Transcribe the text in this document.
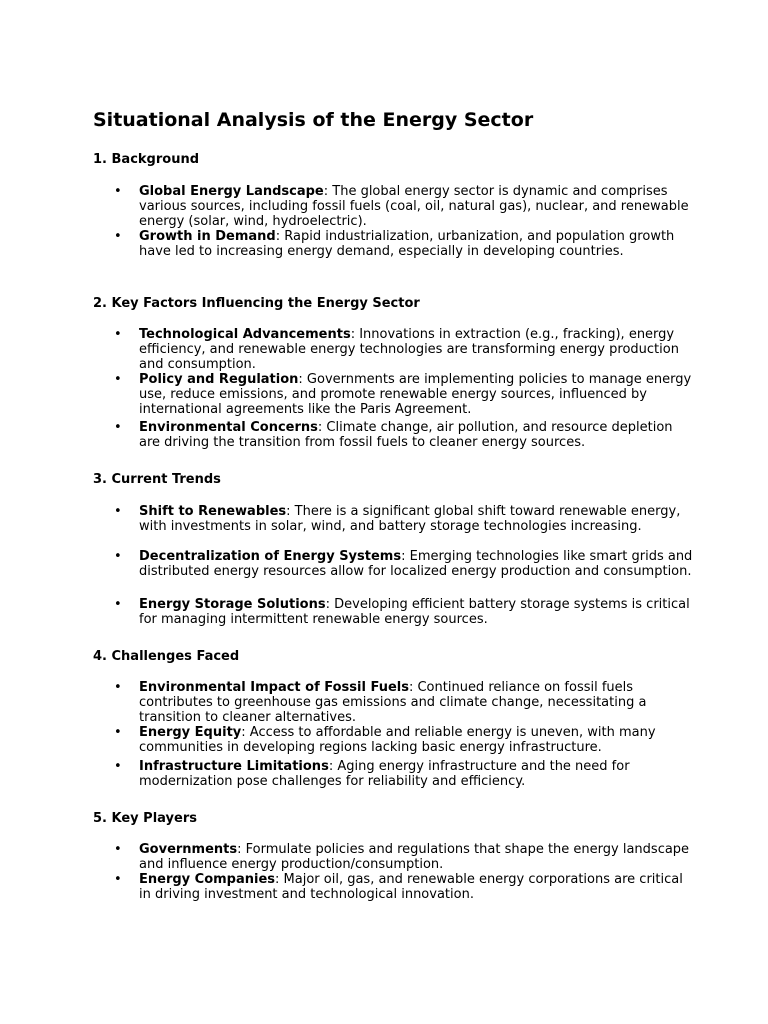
Situational Analysis of the Energy Sector
1. Background

• Global Energy Landscape: The global energy sector is dynamic and comprises various sources, including fossil fuels (coal, oil, natural gas), nuclear, and renewable energy (solar, wind, hydroelectric).

• Growth in Demand: Rapid industrialization, urbanization, and population growth have led to increasing energy demand, especially in developing countries.

2. Key Factors Influencing the Energy Sector

• Technological Advancements: Innovations in extraction (e.g., fracking), energy efficiency, and renewable energy technologies are transforming energy production and consumption.

• Policy and Regulation: Governments are implementing policies to manage energy use, reduce emissions, and promote renewable energy sources, influenced by international agreements like the Paris Agreement.

• Environmental Concerns: Climate change, air pollution, and resource depletion are driving the transition from fossil fuels to cleaner energy sources.

3. Current Trends

• Shift to Renewables: There is a significant global shift toward renewable energy, with investments in solar, wind, and battery storage technologies increasing.

• Decentralization of Energy Systems: Emerging technologies like smart grids and distributed energy resources allow for localized energy production and consumption.

• Energy Storage Solutions: Developing efficient battery storage systems is critical for managing intermittent renewable energy sources.

4. Challenges Faced

• Environmental Impact of Fossil Fuels: Continued reliance on fossil fuels contributes to greenhouse gas emissions and climate change, necessitating a transition to cleaner alternatives.

• Energy Equity: Access to affordable and reliable energy is uneven, with many communities in developing regions lacking basic energy infrastructure.

• Infrastructure Limitations: Aging energy infrastructure and the need for modernization pose challenges for reliability and efficiency.

5. Key Players

• Governments: Formulate policies and regulations that shape the energy landscape and influence energy production/consumption.

• Energy Companies: Major oil, gas, and renewable energy corporations are critical in driving investment and technological innovation.
